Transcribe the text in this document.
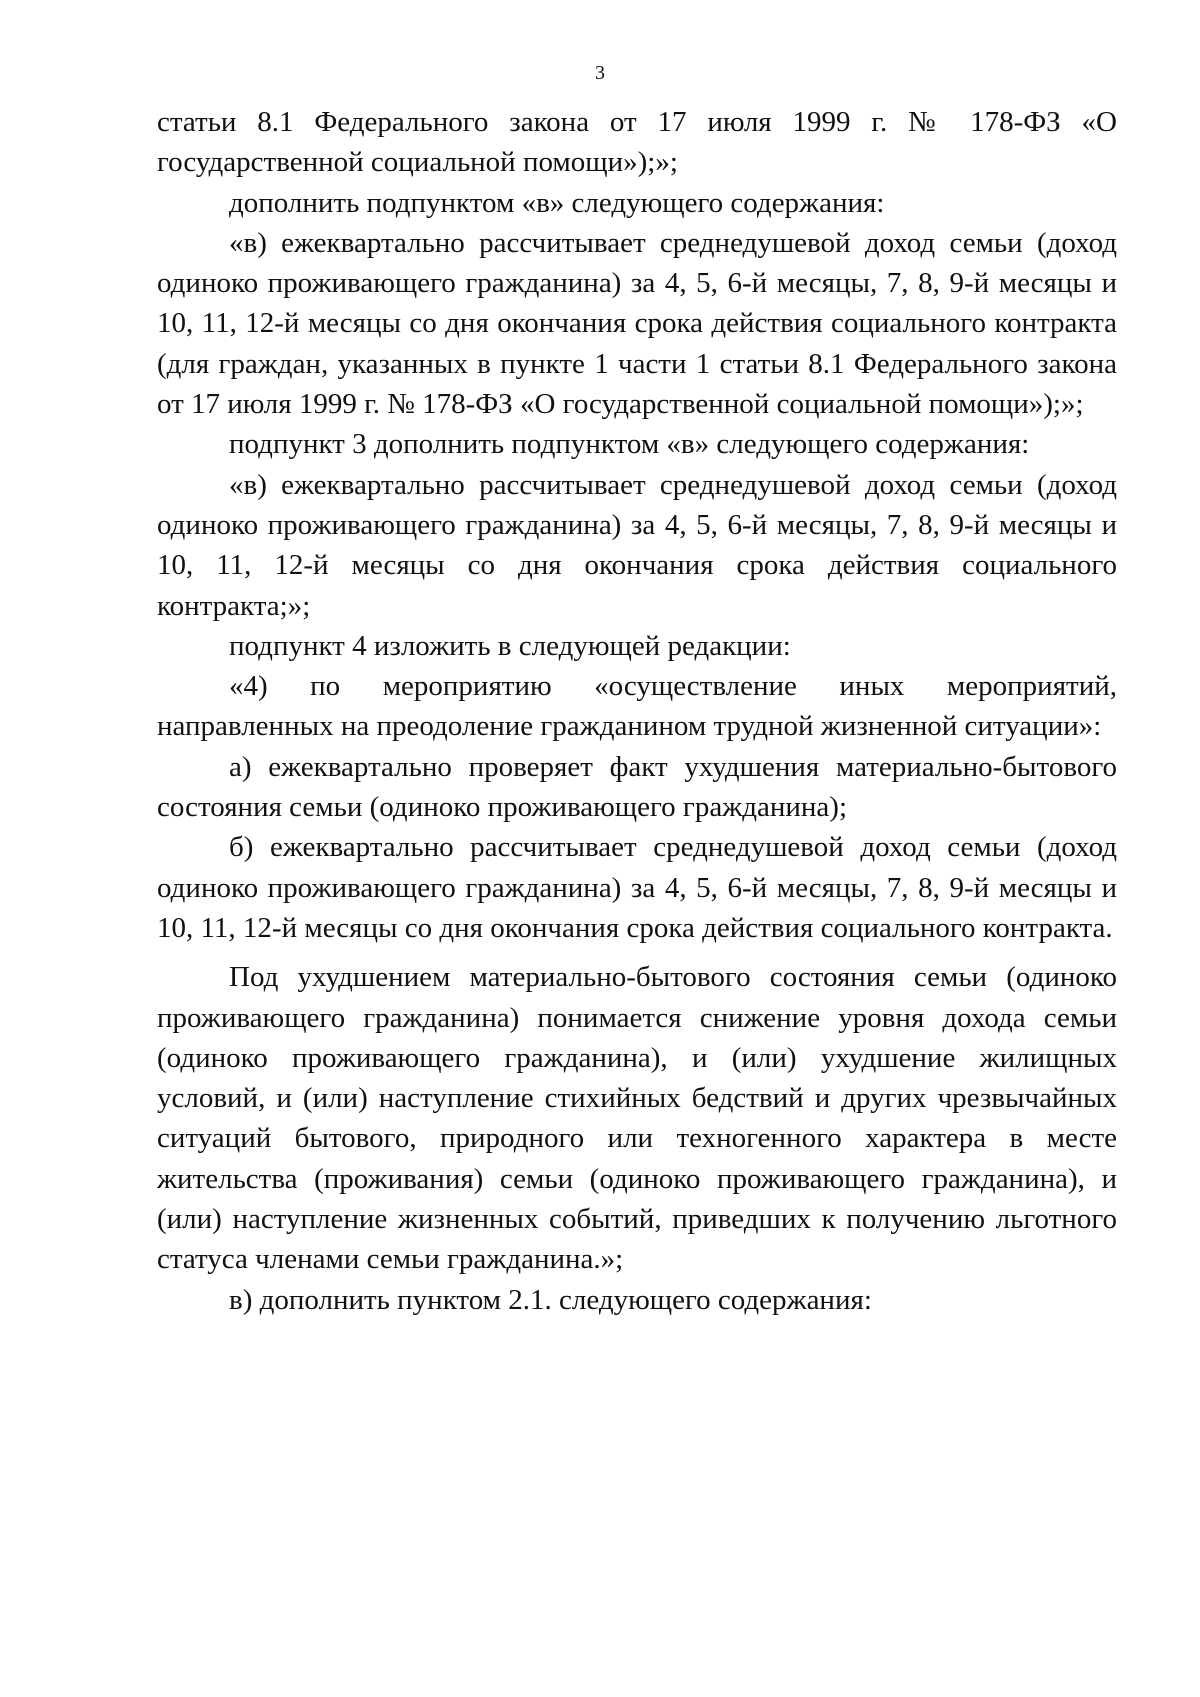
3

статьи 8.1 Федерального закона от 17 июля 1999 г. № 178-ФЗ «О государственной социальной помощи»);»;

дополнить подпунктом «в» следующего содержания:

«в) ежеквартально рассчитывает среднедушевой доход семьи (доход одиноко проживающего гражданина) за 4, 5, 6-й месяцы, 7, 8, 9-й месяцы и 10, 11, 12-й месяцы со дня окончания срока действия социального контракта (для граждан, указанных в пункте 1 части 1 статьи 8.1 Федерального закона от 17 июля 1999 г. № 178-ФЗ «О государственной социальной помощи»);»;

подпункт 3 дополнить подпунктом «в» следующего содержания:

«в) ежеквартально рассчитывает среднедушевой доход семьи (доход одиноко проживающего гражданина) за 4, 5, 6-й месяцы, 7, 8, 9-й месяцы и 10, 11, 12-й месяцы со дня окончания срока действия социального контракта;»;

подпункт 4 изложить в следующей редакции:

«4) по мероприятию «осуществление иных мероприятий, направленных на преодоление гражданином трудной жизненной ситуации»:

а) ежеквартально проверяет факт ухудшения материально-бытового состояния семьи (одиноко проживающего гражданина);

б) ежеквартально рассчитывает среднедушевой доход семьи (доход одиноко проживающего гражданина) за 4, 5, 6-й месяцы, 7, 8, 9-й месяцы и 10, 11, 12-й месяцы со дня окончания срока действия социального контракта.

Под ухудшением материально-бытового состояния семьи (одиноко проживающего гражданина) понимается снижение уровня дохода семьи (одиноко проживающего гражданина), и (или) ухудшение жилищных условий, и (или) наступление стихийных бедствий и других чрезвычайных ситуаций бытового, природного или техногенного характера в месте жительства (проживания) семьи (одиноко проживающего гражданина), и (или) наступление жизненных событий, приведших к получению льготного статуса членами семьи гражданина.»;

в) дополнить пунктом 2.1. следующего содержания:
